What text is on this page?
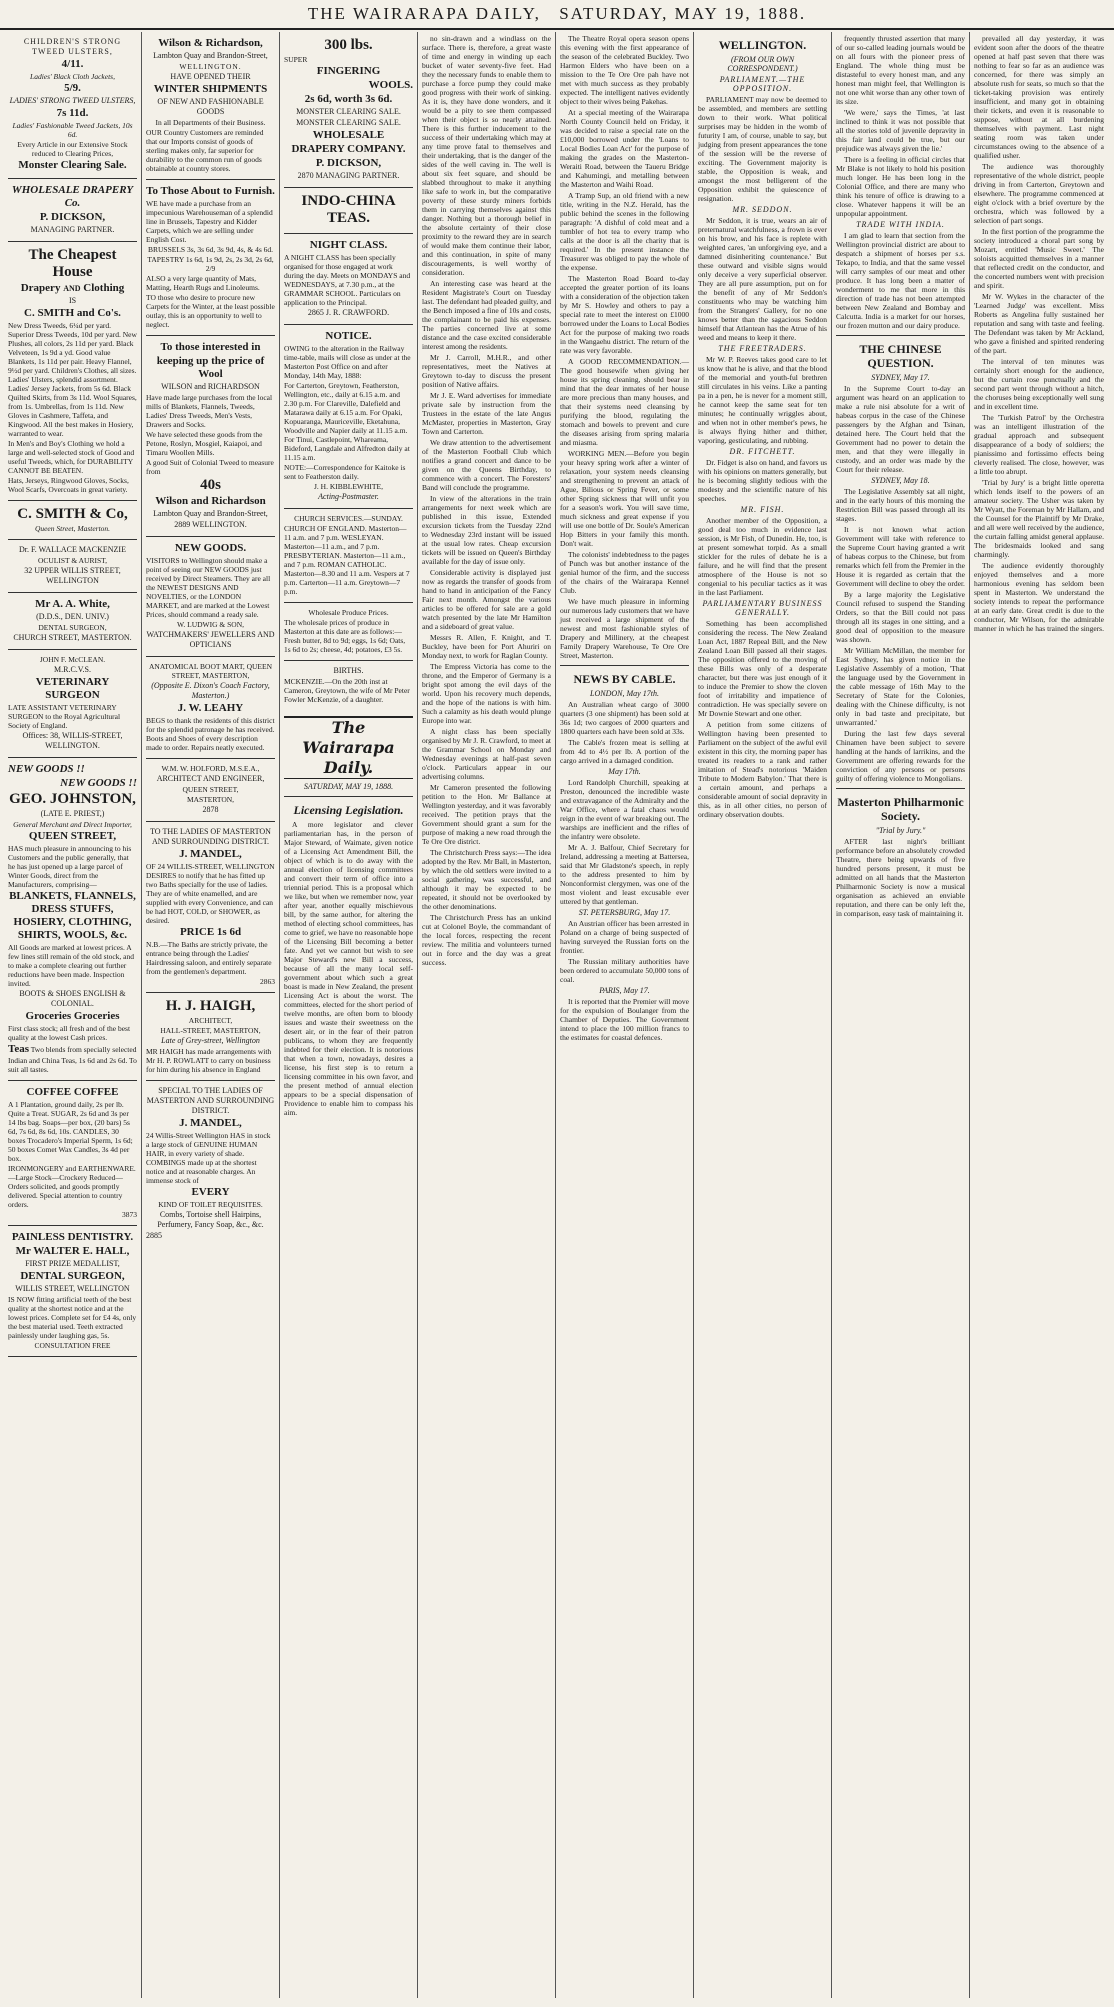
THE WAIRARAPA DAILY, SATURDAY, MAY 19, 1888.

CHILDREN'S STRONG TWEED ULSTERS,

4/11.

Ladies' Black Cloth Jackets,

5/9.

LADIES' STRONG TWEED ULSTERS,

7s 11d.

Ladies' Fashionable Tweed Jackets, 10s 6d.

Every Article in our Extensive Stock reduced to Clearing Prices,

Monster Clearing Sale.

WHOLESALE DRAPERY Co.

P. DICKSON,

MANAGING PARTNER.

The Cheapest House

Drapery AND Clothing

IS

C. SMITH and Co's.

New Dress Tweeds, 6¼d per yard. Superior Dress Tweeds, 10d per yard. New Plushes, all colors, 2s 11d per yard. Black Velveteen, 1s 9d a yd. Good value Blankets, 1s 11d per pair. Heavy Flannel, 9½d per yard. Children's Clothes, all sizes. Ladies' Ulsters, splendid assortment. Ladies' Jersey Jackets, from 5s 6d. Black Quilted Skirts, from 3s 11d. Wool Squares, from 1s. Umbrellas, from 1s 11d. New Gloves in Cashmere, Taffeta, and Kingwood. All the best makes in Hosiery, warranted to wear.

In Men's and Boy's Clothing we hold a large and well-selected stock of Good and useful Tweeds, which, for DURABILITY CANNOT BE BEATEN.

Hats, Jerseys, Ringwood Gloves, Socks, Wool Scarfs, Overcoats in great variety.

C. SMITH & Co,

Queen Street, Masterton.

Dr. F. WALLACE MACKENZIE

OCULIST & AURIST,

32 UPPER WILLIS STREET, WELLINGTON

Mr A. A. White,

(D.D.S., DEN. UNIV.)

DENTAL SURGEON,

CHURCH STREET, MASTERTON.

JOHN F. McCLEAN.

M.R.C.V.S.

VETERINARY SURGEON

LATE ASSISTANT VETERINARY SURGEON to the Royal Agricultural Society of England.

Offices: 38, WILLIS-STREET, WELLINGTON.

NEW GOODS !!

NEW GOODS !!

GEO. JOHNSTON,

(LATE E. PRIEST,)

General Merchant and Direct Importer,

QUEEN STREET,

HAS much pleasure in announcing to his Customers and the public generally, that he has just opened up a large parcel of Winter Goods, direct from the Manufacturers, comprising—

BLANKETS, FLANNELS, DRESS STUFFS, HOSIERY, CLOTHING, SHIRTS, WOOLS, &c.

All Goods are marked at lowest prices. A few lines still remain of the old stock, and to make a complete clearing out further reductions have been made. Inspection invited.

BOOTS & SHOES ENGLISH & COLONIAL.

Groceries Groceries

First class stock; all fresh and of the best quality at the lowest Cash prices.

Teas Two blends from specially selected Indian and China Teas, 1s 6d and 2s 6d. To suit all tastes.

COFFEE COFFEE

A 1 Plantation, ground daily, 2s per lb. Quite a Treat. SUGAR, 2s 6d and 3s per 14 lbs bag. Soaps—per box, (20 bars) 5s 6d, 7s 6d, 8s 6d, 10s. CANDLES, 30 boxes Trocadero's Imperial Sperm, 1s 6d; 50 boxes Comet Wax Candles, 3s 4d per box.

IRONMONGERY and EARTHENWARE.—Large Stock—Crockery Reduced—Orders solicited, and goods promptly delivered. Special attention to country orders.

3873

PAINLESS DENTISTRY.

Mr WALTER E. HALL,

FIRST PRIZE MEDALLIST,

DENTAL SURGEON,

WILLIS STREET, WELLINGTON

IS NOW fitting artificial teeth of the best quality at the shortest notice and at the lowest prices. Complete set for £4 4s, only the best material used. Teeth extracted painlessly under laughing gas, 5s.

CONSULTATION FREE

Wilson & Richardson,

Lambton Quay and Brandon-Street,

WELLINGTON.

HAVE OPENED THEIR

WINTER SHIPMENTS

OF NEW AND FASHIONABLE GOODS

In all Departments of their Business.

OUR Country Customers are reminded that our Imports consist of goods of sterling makes only, far superior for durability to the common run of goods obtainable at country stores.

To Those About to Furnish.

WE have made a purchase from an impecunious Warehouseman of a splendid line in Brussels, Tapestry and Kidder Carpets, which we are selling under English Cost.

BRUSSELS 3s, 3s 6d, 3s 9d, 4s, & 4s 6d.

TAPESTRY 1s 6d, 1s 9d, 2s, 2s 3d, 2s 6d, 2/9

ALSO a very large quantity of Mats, Matting, Hearth Rugs and Linoleums.

TO those who desire to procure new Carpets for the Winter, at the least possible outlay, this is an opportunity to well to neglect.

To those interested in

keeping up the price of Wool

WILSON and RICHARDSON

Have made large purchases from the local mills of Blankets, Flannels, Tweeds, Ladies' Dress Tweeds, Men's Vests, Drawers and Socks.

We have selected these goods from the Petone, Roslyn, Mosgiel, Kaiapoi, and Timaru Woollen Mills.

A good Suit of Colonial Tweed to measure from

40s

Wilson and Richardson

Lambton Quay and Brandon-Street,

2889 WELLINGTON.

NEW GOODS.

VISITORS to Wellington should make a point of seeing our NEW GOODS just received by Direct Steamers. They are all the NEWEST DESIGNS AND NOVELTIES, or the LONDON MARKET, and are marked at the Lowest Prices, should command a ready sale.

W. LUDWIG & SON,

WATCHMAKERS' JEWELLERS AND OPTICIANS

ANATOMICAL BOOT MART, QUEEN STREET, MASTERTON,

(Opposite E. Dixon's Coach Factory, Masterton.)

J. W. LEAHY

BEGS to thank the residents of this district for the splendid patronage he has received. Boots and Shoes of every description made to order. Repairs neatly executed.

W.M. W. HOLFORD, M.S.E.A.,

ARCHITECT AND ENGINEER,

QUEEN STREET,

MASTERTON,

2878

TO THE LADIES OF MASTERTON AND SURROUNDING DISTRICT.

J. MANDEL,

OF 24 WILLIS-STREET, WELLINGTON DESIRES to notify that he has fitted up two Baths specially for the use of ladies. They are of white enamelled, and are supplied with every Convenience, and can be had HOT, COLD, or SHOWER, as desired.

PRICE 1s 6d

N.B.—The Baths are strictly private, the entrance being through the Ladies' Hairdressing saloon, and entirely separate from the gentlemen's department.

2863

H. J. HAIGH,

ARCHITECT,

HALL-STREET, MASTERTON,

Late of Grey-street, Wellington

MR HAIGH has made arrangements with Mr H. P. ROWLATT to carry on business for him during his absence in England

SPECIAL TO THE LADIES OF MASTERTON AND SURROUNDING DISTRICT.

J. MANDEL,

24 Willis-Street Wellington HAS in stock a large stock of GENUINE HUMAN HAIR, in every variety of shade. COMBINGS made up at the shortest notice and at reasonable charges. An immense stock of

EVERY

KIND OF TOILET REQUISITES.

Combs, Tortoise shell Hairpins, Perfumery, Fancy Soap, &c., &c.

2885

300 lbs.

SUPER

FINGERING

WOOLS.

2s 6d, worth 3s 6d.

MONSTER CLEARING SALE.

MONSTER CLEARING SALE.

WHOLESALE

DRAPERY COMPANY.

P. DICKSON,

2870 MANAGING PARTNER.

INDO-CHINA TEAS.

NIGHT CLASS.

A NIGHT CLASS has been specially organised for those engaged at work during the day. Meets on MONDAYS and WEDNESDAYS, at 7.30 p.m., at the GRAMMAR SCHOOL. Particulars on application to the Principal.

2865 J. R. CRAWFORD.

NOTICE.

OWING to the alteration in the Railway time-table, mails will close as under at the Masterton Post Office on and after Monday, 14th May, 1888:

For Carterton, Greytown, Featherston, Wellington, etc., daily at 6.15 a.m. and 2.30 p.m. For Clareville, Dalefield and Matarawa daily at 6.15 a.m. For Opaki, Kopuaranga, Mauriceville, Eketahuna, Woodville and Napier daily at 11.15 a.m. For Tinui, Castlepoint, Whareama, Bideford, Langdale and Alfredton daily at 11.15 a.m.

NOTE:—Correspondence for Kaitoke is sent to Featherston daily.

J. H. KIBBLEWHITE,

Acting-Postmaster.

CHURCH SERVICES.—SUNDAY.

CHURCH OF ENGLAND. Masterton—11 a.m. and 7 p.m. WESLEYAN. Masterton—11 a.m., and 7 p.m. PRESBYTERIAN. Masterton—11 a.m., and 7 p.m. ROMAN CATHOLIC. Masterton—8.30 and 11 a.m. Vespers at 7 p.m. Carterton—11 a.m. Greytown—7 p.m.

Wholesale Produce Prices.

The wholesale prices of produce in Masterton at this date are as follows:—Fresh butter, 8d to 9d; eggs, 1s 6d; Oats, 1s 6d to 2s; cheese, 4d; potatoes, £3 5s.

BIRTHS.

MCKENZIE.—On the 20th inst at Cameron, Greytown, the wife of Mr Peter Fowler McKenzie, of a daughter.

The Wairarapa Daily.
SATURDAY, MAY 19, 1888.
Licensing Legislation.

A more legislator and clever parliamentarian has, in the person of Major Steward, of Waimate, given notice of a Licensing Act Amendment Bill, the object of which is to do away with the annual election of licensing committees and convert their term of office into a triennial period. This is a proposal which we like, but when we remember now, year after year, another equally mischievous bill, by the same author, for altering the method of electing school committees, has come to grief, we have no reasonable hope of the Licensing Bill becoming a better fate. And yet we cannot but wish to see Major Steward's new Bill a success, because of all the many local self-government about which such a great boast is made in New Zealand, the present Licensing Act is about the worst. The committees, elected for the short period of twelve months, are often born to bloody issues and waste their sweetness on the desert air, or in the fear of their patron publicans, to whom they are frequently indebted for their election. It is notorious that when a town, nowadays, desires a license, his first step is to return a licensing committee in his own favor, and the present method of annual election appears to be a special dispensation of Providence to enable him to compass his aim.

no sin-drawn and a windlass on the surface. There is, therefore, a great waste of time and energy in winding up each bucket of water seventy-five feet. Had they the necessary funds to enable them to purchase a force pump they could make good progress with their work of sinking. As it is, they have done wonders, and it would be a pity to see them compassed when their object is so nearly attained. There is this further inducement to the success of their undertaking which may at any time prove fatal to themselves and their undertaking, that is the danger of the sides of the well caving in. The well is about six feet square, and should be slabbed throughout to make it anything like safe to work in, but the comparative poverty of these sturdy miners forbids them in carrying themselves against this danger. Nothing but a thorough belief in the absolute certainty of their close proximity to the reward they are in search of would make them continue their labor, and this continuation, in spite of many discouragements, is well worthy of consideration.

An interesting case was heard at the Resident Magistrate's Court on Tuesday last. The defendant had pleaded guilty, and the Bench imposed a fine of 10s and costs, the complainant to be paid his expenses. The parties concerned live at some distance and the case excited considerable interest among the residents.

Mr J. Carroll, M.H.R., and other representatives, meet the Natives at Greytown to-day to discuss the present position of Native affairs.

Mr J. E. Ward advertises for immediate private sale by instruction from the Trustees in the estate of the late Angus McMaster, properties in Masterton, Gray Town and Carterton.

We draw attention to the advertisement of the Masterton Football Club which notifies a grand concert and dance to be given on the Queens Birthday, to commence with a concert. The Foresters' Band will conclude the programme.

In view of the alterations in the train arrangements for next week which are published in this issue, Extended excursion tickets from the Tuesday 22nd to Wednesday 23rd instant will be issued at the usual low rates. Cheap excursion tickets will be issued on Queen's Birthday available for the day of issue only.

Considerable activity is displayed just now as regards the transfer of goods from hand to hand in anticipation of the Fancy Fair next month. Amongst the various articles to be offered for sale are a gold watch presented by the late Mr Hamilton and a sideboard of great value.

Messrs R. Allen, F. Knight, and T. Buckley, have been for Port Ahuriri on Monday next, to work for Raglan County.

The Empress Victoria has come to the throne, and the Emperor of Germany is a bright spot among the evil days of the world. Upon his recovery much depends, and the hope of the nations is with him. Such a calamity as his death would plunge Europe into war.

A night class has been specially organised by Mr J. R. Crawford, to meet at the Grammar School on Monday and Wednesday evenings at half-past seven o'clock. Particulars appear in our advertising columns.

Mr Cameron presented the following petition to the Hon. Mr Ballance at Wellington yesterday, and it was favorably received. The petition prays that the Government should grant a sum for the purpose of making a new road through the Te Ore Ore district.

The Christchurch Press says:—The idea adopted by the Rev. Mr Ball, in Masterton, by which the old settlers were invited to a social gathering, was successful, and although it may be expected to be repeated, it should not be overlooked by the other denominations.

The Christchurch Press has an unkind cut at Colonel Boyle, the commandant of the local forces, respecting the recent review. The militia and volunteers turned out in force and the day was a great success.

The Theatre Royal opera season opens this evening with the first appearance of the season of the celebrated Buckley. Two Harmon Elders who have been on a mission to the Te Ore Ore pah have not met with much success as they probably expected. The intelligent natives evidently object to their wives being Pakehas.

At a special meeting of the Wairarapa North County Council held on Friday, it was decided to raise a special rate on the £10,000 borrowed under the 'Loans to Local Bodies Loan Act' for the purpose of making the grades on the Masterton-Weraiti Road, between the Taueru Bridge and Kahumingi, and metalling between the Masterton and Waihi Road.

A Tramp Sup, an old friend with a new title, writing in the N.Z. Herald, has the public behind the scenes in the following paragraph: 'A dishful of cold meat and a tumbler of hot tea to every tramp who calls at the door is all the charity that is required.' In the present instance the Treasurer was obliged to pay the whole of the expense.

The Masterton Road Board to-day accepted the greater portion of its loans with a consideration of the objection taken by Mr S. Howley and others to pay a special rate to meet the interest on £1000 borrowed under the Loans to Local Bodies Act for the purpose of making two roads in the Wangaehu district. The return of the rate was very favorable.

A GOOD RECOMMENDATION.—The good housewife when giving her house its spring cleaning, should bear in mind that the dear inmates of her house are more precious than many houses, and that their systems need cleansing by purifying the blood, regulating the stomach and bowels to prevent and cure the diseases arising from spring malaria and miasma.

WORKING MEN.—Before you begin your heavy spring work after a winter of relaxation, your system needs cleansing and strengthening to prevent an attack of Ague, Bilious or Spring Fever, or some other Spring sickness that will unfit you for a season's work. You will save time, much sickness and great expense if you will use one bottle of Dr. Soule's American Hop Bitters in your family this month. Don't wait.

The colonists' indebtedness to the pages of Punch was but another instance of the genial humor of the firm, and the success of the chairs of the Wairarapa Kennel Club.

We have much pleasure in informing our numerous lady customers that we have just received a large shipment of the newest and most fashionable styles of Drapery and Millinery, at the cheapest Family Drapery Warehouse, Te Ore Ore Street, Masterton.

NEWS BY CABLE.
LONDON, May 17th.

An Australian wheat cargo of 3000 quarters (3 one shipment) has been sold at 36s 1d; two cargoes of 2000 quarters and 1800 quarters each have been sold at 33s.

The Cable's frozen meat is selling at from 4d to 4½ per lb. A portion of the cargo arrived in a damaged condition.

May 17th.

Lord Randolph Churchill, speaking at Preston, denounced the incredible waste and extravagance of the Admiralty and the War Office, where a fatal chaos would reign in the event of war breaking out. The warships are inefficient and the rifles of the infantry were obsolete.

Mr A. J. Balfour, Chief Secretary for Ireland, addressing a meeting at Battersea, said that Mr Gladstone's speech, in reply to the address presented to him by Nonconformist clergymen, was one of the most violent and least excusable ever uttered by that gentleman.

ST. PETERSBURG, May 17.

An Austrian officer has been arrested in Poland on a charge of being suspected of having surveyed the Russian forts on the frontier.

The Russian military authorities have been ordered to accumulate 50,000 tons of coal.

PARIS, May 17.

It is reported that the Premier will move for the expulsion of Boulanger from the Chamber of Deputies. The Government intend to place the 100 million francs to the estimates for coastal defences.

WELLINGTON.
(FROM OUR OWN CORRESPONDENT.)
PARLIAMENT.—THE OPPOSITION.

PARLIAMENT may now be deemed to be assembled, and members are settling down to their work. What political surprises may be hidden in the womb of futurity I am, of course, unable to say, but judging from present appearances the tone of the session will be the reverse of exciting. The Government majority is stable, the Opposition is weak, and amongst the most belligerent of the Opposition exhibit the quiescence of resignation.

MR. SEDDON.

Mr Seddon, it is true, wears an air of preternatural watchfulness, a frown is ever on his brow, and his face is replete with weighted cares, 'an unforgiving eye, and a damned disinheriting countenance.' But these outward and visible signs would only deceive a very superficial observer. They are all pure assumption, put on for the benefit of any of Mr Seddon's constituents who may be watching him from the Strangers' Gallery, for no one knows better than the sagacious Seddon himself that Atlantean has the Atrue of his weed and means to keep it there.

THE FREETRADERS.

Mr W. P. Reeves takes good care to let us know that he is alive, and that the blood of the memorial and youth-ful brethren still circulates in his veins. Like a panting pa in a pen, he is never for a moment still, he cannot keep the same seat for ten minutes; he continually wriggles about, and when not in other member's pews, he is always flying hither and thither, vaporing, gesticulating, and rubbing.

DR. FITCHETT.

Dr. Fidget is also on hand, and favors us with his opinions on matters generally, but he is becoming slightly tedious with the modesty and the scientific nature of his speeches.

MR. FISH.

Another member of the Opposition, a good deal too much in evidence last session, is Mr Fish, of Dunedin. He, too, is at present somewhat torpid. As a small stickler for the rules of debate he is a failure, and he will find that the present atmosphere of the House is not so congenial to his peculiar tactics as it was in the last Parliament.

PARLIAMENTARY BUSINESS GENERALLY.

Something has been accomplished considering the recess. The New Zealand Loan Act, 1887 Repeal Bill, and the New Zealand Loan Bill passed all their stages. The opposition offered to the moving of these Bills was only of a desperate character, but there was just enough of it to induce the Premier to show the cloven foot of irritability and impatience of contradiction. He was specially severe on Mr Downie Stewart and one other.

A petition from some citizens of Wellington having been presented to Parliament on the subject of the awful evil existent in this city, the morning paper has treated its readers to a rank and rather imitation of Stead's notorious 'Maiden Tribute to Modern Babylon.' That there is a certain amount, and perhaps a considerable amount of social depravity in this, as in all other cities, no person of ordinary observation doubts.

frequently thrusted assertion that many of our so-called leading journals would be on all fours with the pioneer press of England. The whole thing must be distasteful to every honest man, and any honest man might feel, that Wellington is not one whit worse than any other town of its size.

'We were,' says the Times, 'at last inclined to think it was not possible that all the stories told of juvenile depravity in this fair land could be true, but our prejudice was always given the lie.'

There is a feeling in official circles that Mr Blake is not likely to hold his position much longer. He has been long in the Colonial Office, and there are many who think his tenure of office is drawing to a close. Whatever happens it will be an unpopular appointment.

TRADE WITH INDIA.

I am glad to learn that section from the Wellington provincial district are about to despatch a shipment of horses per s.s. Tekapo, to India, and that the same vessel will carry samples of our meat and other produce. It has long been a matter of wonderment to me that more in this direction of trade has not been attempted between New Zealand and Bombay and Calcutta. India is a market for our horses, our frozen mutton and our dairy produce.

THE CHINESE QUESTION.
SYDNEY, May 17.

In the Supreme Court to-day an argument was heard on an application to make a rule nisi absolute for a writ of habeas corpus in the case of the Chinese passengers by the Afghan and Tsinan, detained here. The Court held that the Government had no power to detain the men, and that they were illegally in custody, and an order was made by the Court for their release.

SYDNEY, May 18.

The Legislative Assembly sat all night, and in the early hours of this morning the Restriction Bill was passed through all its stages.

It is not known what action Government will take with reference to the Supreme Court having granted a writ of habeas corpus to the Chinese, but from remarks which fell from the Premier in the House it is regarded as certain that the Government will decline to obey the order.

By a large majority the Legislative Council refused to suspend the Standing Orders, so that the Bill could not pass through all its stages in one sitting, and a good deal of opposition to the measure was shown.

Mr William McMillan, the member for East Sydney, has given notice in the Legislative Assembly of a motion, 'That the language used by the Government in the cable message of 16th May to the Secretary of State for the Colonies, dealing with the Chinese difficulty, is not only in bad taste and precipitate, but unwarranted.'

During the last few days several Chinamen have been subject to severe handling at the hands of larrikins, and the Government are offering rewards for the conviction of any persons or persons guilty of offering violence to Mongolians.

Masterton Philharmonic Society.
"Trial by Jury."

AFTER last night's brilliant performance before an absolutely crowded Theatre, there being upwards of five hundred persons present, it must be admitted on all hands that the Masterton Philharmonic Society is now a musical organisation as achieved an enviable reputation, and there can be only left the, in comparison, easy task of maintaining it.

prevailed all day yesterday, it was evident soon after the doors of the theatre opened at half past seven that there was nothing to fear so far as an audience was concerned, for there was simply an absolute rush for seats, so much so that the ticket-taking provision was entirely insufficient, and many got in obtaining their tickets, and even it is reasonable to suppose, without at all burdening themselves with payment. Last night seating room was taken under circumstances owing to the absence of a qualified usher.

The audience was thoroughly representative of the whole district, people driving in from Carterton, Greytown and elsewhere. The programme commenced at eight o'clock with a brief overture by the orchestra, which was followed by a selection of part songs.

In the first portion of the programme the society introduced a choral part song by Mozart, entitled 'Music Sweet.' The soloists acquitted themselves in a manner that reflected credit on the conductor, and the concerted numbers went with precision and spirit.

Mr W. Wykes in the character of the 'Learned Judge' was excellent. Miss Roberts as Angelina fully sustained her reputation and sang with taste and feeling. The Defendant was taken by Mr Ackland, who gave a finished and spirited rendering of the part.

The interval of ten minutes was certainly short enough for the audience, but the curtain rose punctually and the second part went through without a hitch, the choruses being exceptionally well sung and in excellent time.

The 'Turkish Patrol' by the Orchestra was an intelligent illustration of the gradual approach and subsequent disappearance of a body of soldiers; the pianissimo and fortissimo effects being cleverly realised. The close, however, was a little too abrupt.

'Trial by Jury' is a bright little operetta which lends itself to the powers of an amateur society. The Usher was taken by Mr Wyatt, the Foreman by Mr Hallam, and the Counsel for the Plaintiff by Mr Drake, and all were well received by the audience, the curtain falling amidst general applause. The bridesmaids looked and sang charmingly.

The audience evidently thoroughly enjoyed themselves and a more harmonious evening has seldom been spent in Masterton. We understand the society intends to repeat the performance at an early date. Great credit is due to the conductor, Mr Wilson, for the admirable manner in which he has trained the singers.
